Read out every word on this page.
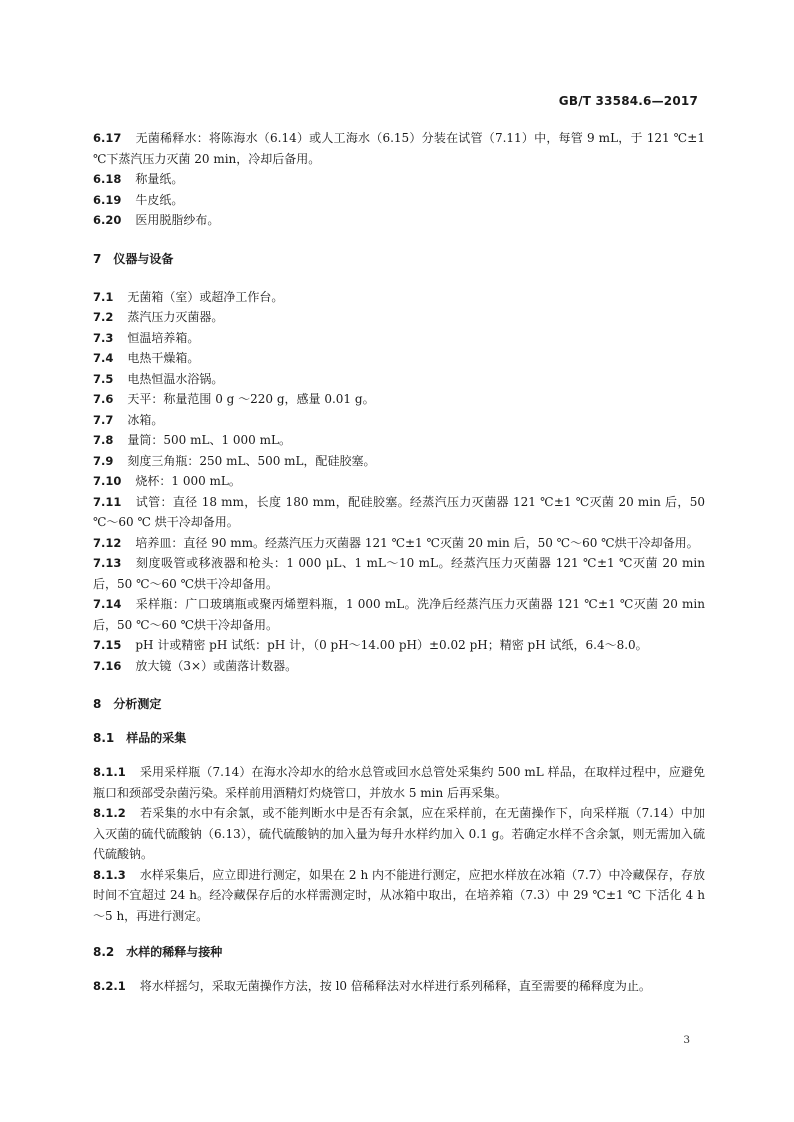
GB/T 33584.6—2017
6.17 无菌稀释水：将陈海水（6.14）或人工海水（6.15）分装在试管（7.11）中，每管 9 mL，于 121 ℃±1 ℃下蒸汽压力灭菌 20 min，冷却后备用。
6.18 称量纸。
6.19 牛皮纸。
6.20 医用脱脂纱布。
7 仪器与设备
7.1 无菌箱（室）或超净工作台。
7.2 蒸汽压力灭菌器。
7.3 恒温培养箱。
7.4 电热干燥箱。
7.5 电热恒温水浴锅。
7.6 天平：称量范围 0 g ～220 g，感量 0.01 g。
7.7 冰箱。
7.8 量筒：500 mL、1 000 mL。
7.9 刻度三角瓶：250 mL、500 mL，配硅胶塞。
7.10 烧杯：1 000 mL。
7.11 试管：直径 18 mm，长度 180 mm，配硅胶塞。经蒸汽压力灭菌器 121 ℃±1 ℃灭菌 20 min 后，50 ℃～60 ℃ 烘干冷却备用。
7.12 培养皿：直径 90 mm。经蒸汽压力灭菌器 121 ℃±1 ℃灭菌 20 min 后，50 ℃～60 ℃烘干冷却备用。
7.13 刻度吸管或移液器和枪头：1 000 μL、1 mL～10 mL。经蒸汽压力灭菌器 121 ℃±1 ℃灭菌 20 min 后，50 ℃～60 ℃烘干冷却备用。
7.14 采样瓶：广口玻璃瓶或聚丙烯塑料瓶，1 000 mL。洗净后经蒸汽压力灭菌器 121 ℃±1 ℃灭菌 20 min 后，50 ℃～60 ℃烘干冷却备用。
7.15 pH 计或精密 pH 试纸：pH 计，（0 pH～14.00 pH）±0.02 pH；精密 pH 试纸，6.4～8.0。
7.16 放大镜（3×）或菌落计数器。
8 分析测定
8.1 样品的采集
8.1.1 采用采样瓶（7.14）在海水冷却水的给水总管或回水总管处采集约 500 mL 样品，在取样过程中，应避免瓶口和颈部受杂菌污染。采样前用酒精灯灼烧管口，并放水 5 min 后再采集。
8.1.2 若采集的水中有余氯，或不能判断水中是否有余氯，应在采样前，在无菌操作下，向采样瓶（7.14）中加入灭菌的硫代硫酸钠（6.13），硫代硫酸钠的加入量为每升水样约加入 0.1 g。若确定水样不含余氯，则无需加入硫代硫酸钠。
8.1.3 水样采集后，应立即进行测定，如果在 2 h 内不能进行测定，应把水样放在冰箱（7.7）中冷藏保存，存放时间不宜超过 24 h。经冷藏保存后的水样需测定时，从冰箱中取出，在培养箱（7.3）中 29 ℃±1 ℃ 下活化 4 h～5 h，再进行测定。
8.2 水样的稀释与接种
8.2.1 将水样摇匀，采取无菌操作方法，按 l0 倍稀释法对水样进行系列稀释，直至需要的稀释度为止。
3
